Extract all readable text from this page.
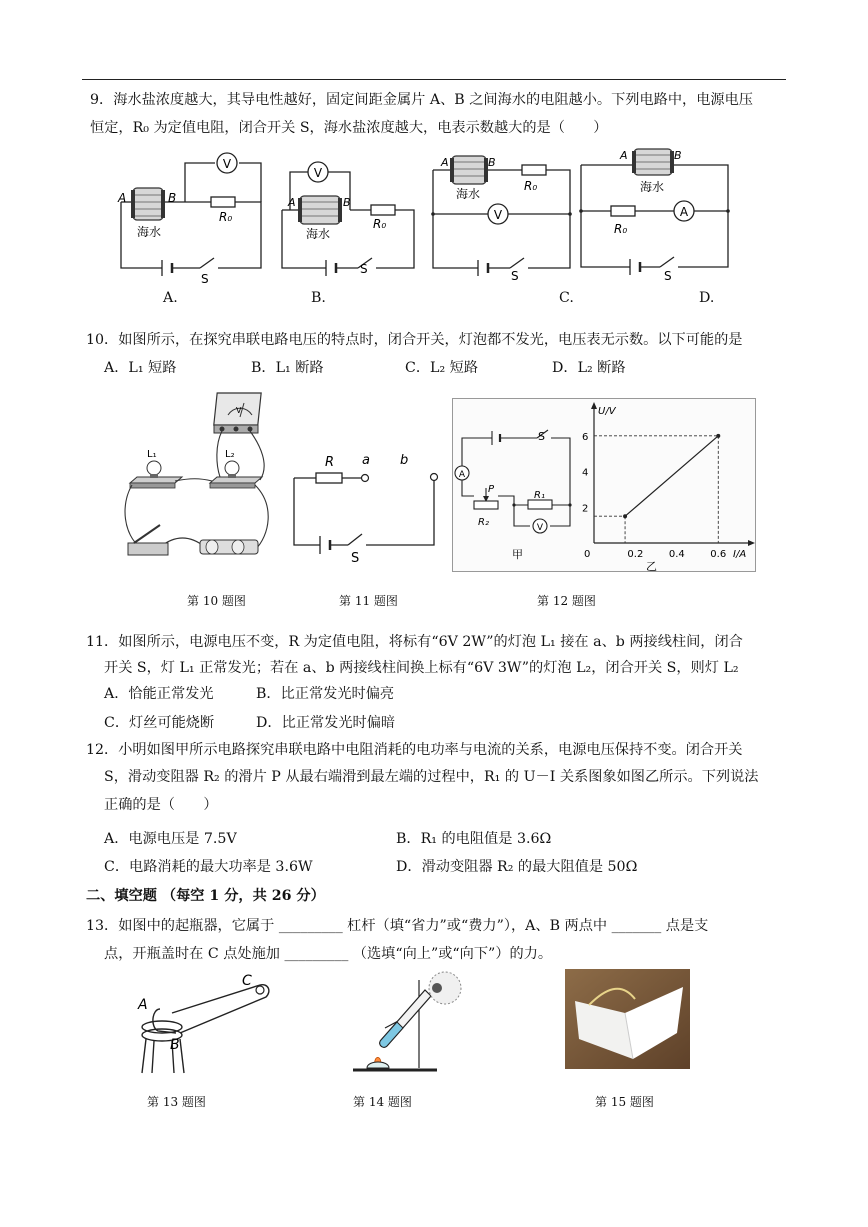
9．海水盐浓度越大，其导电性越好，固定间距金属片 A、B 之间海水的电阻越小。下列电路中，电源电压
恒定，R₀ 为定值电阻，闭合开关 S，海水盐浓度越大，电表示数越大的是（　　）
V
A	B
海水
R₀
S
V
A	B
海水
R₀
S
V
A	B
海水
R₀
S
A
A	B
海水
R₀
S
A.	B.	C.	D.
10．如图所示，在探究串联电路电压的特点时，闭合开关，灯泡都不发光，电压表无示数。以下可能的是
A．L₁ 短路	B．L₁ 断路	C．L₂ 短路	D．L₂ 断路
V
L₁	L₂
R a b
S
A
V
S
P
R₁
R₂
甲	I/A
U/V
0	0.2	0.4	0.6
2
4
6
乙
第 10 题图	第 11 题图	第 12 题图
11．如图所示，电源电压不变，R 为定值电阻，将标有“6V 2W”的灯泡 L₁ 接在 a、b 两接线柱间，闭合
开关 S，灯 L₁ 正常发光；若在 a、b 两接线柱间换上标有“6V 3W”的灯泡 L₂，闭合开关 S，则灯 L₂
A．恰能正常发光	B．比正常发光时偏亮
C．灯丝可能烧断	D．比正常发光时偏暗
12．小明如图甲所示电路探究串联电路中电阻消耗的电功率与电流的关系，电源电压保持不变。闭合开关
S，滑动变阻器 R₂ 的滑片 P 从最右端滑到最左端的过程中，R₁ 的 U－I 关系图象如图乙所示。下列说法
正确的是（　　）
A．电源电压是 7.5V	B．R₁ 的电阻值是 3.6Ω
C．电路消耗的最大功率是 3.6W	D．滑动变阻器 R₂ 的最大阻值是 50Ω
二、填空题 （每空 1 分，共 26 分）
13．如图中的起瓶器，它属于 _________ 杠杆（填“省力”或“费力”），A、B 两点中 _______ 点是支
点，开瓶盖时在 C 点处施加 _________ （选填“向上”或“向下”）的力。
A
B
C
第 13 题图	第 14 题图	第 15 题图
